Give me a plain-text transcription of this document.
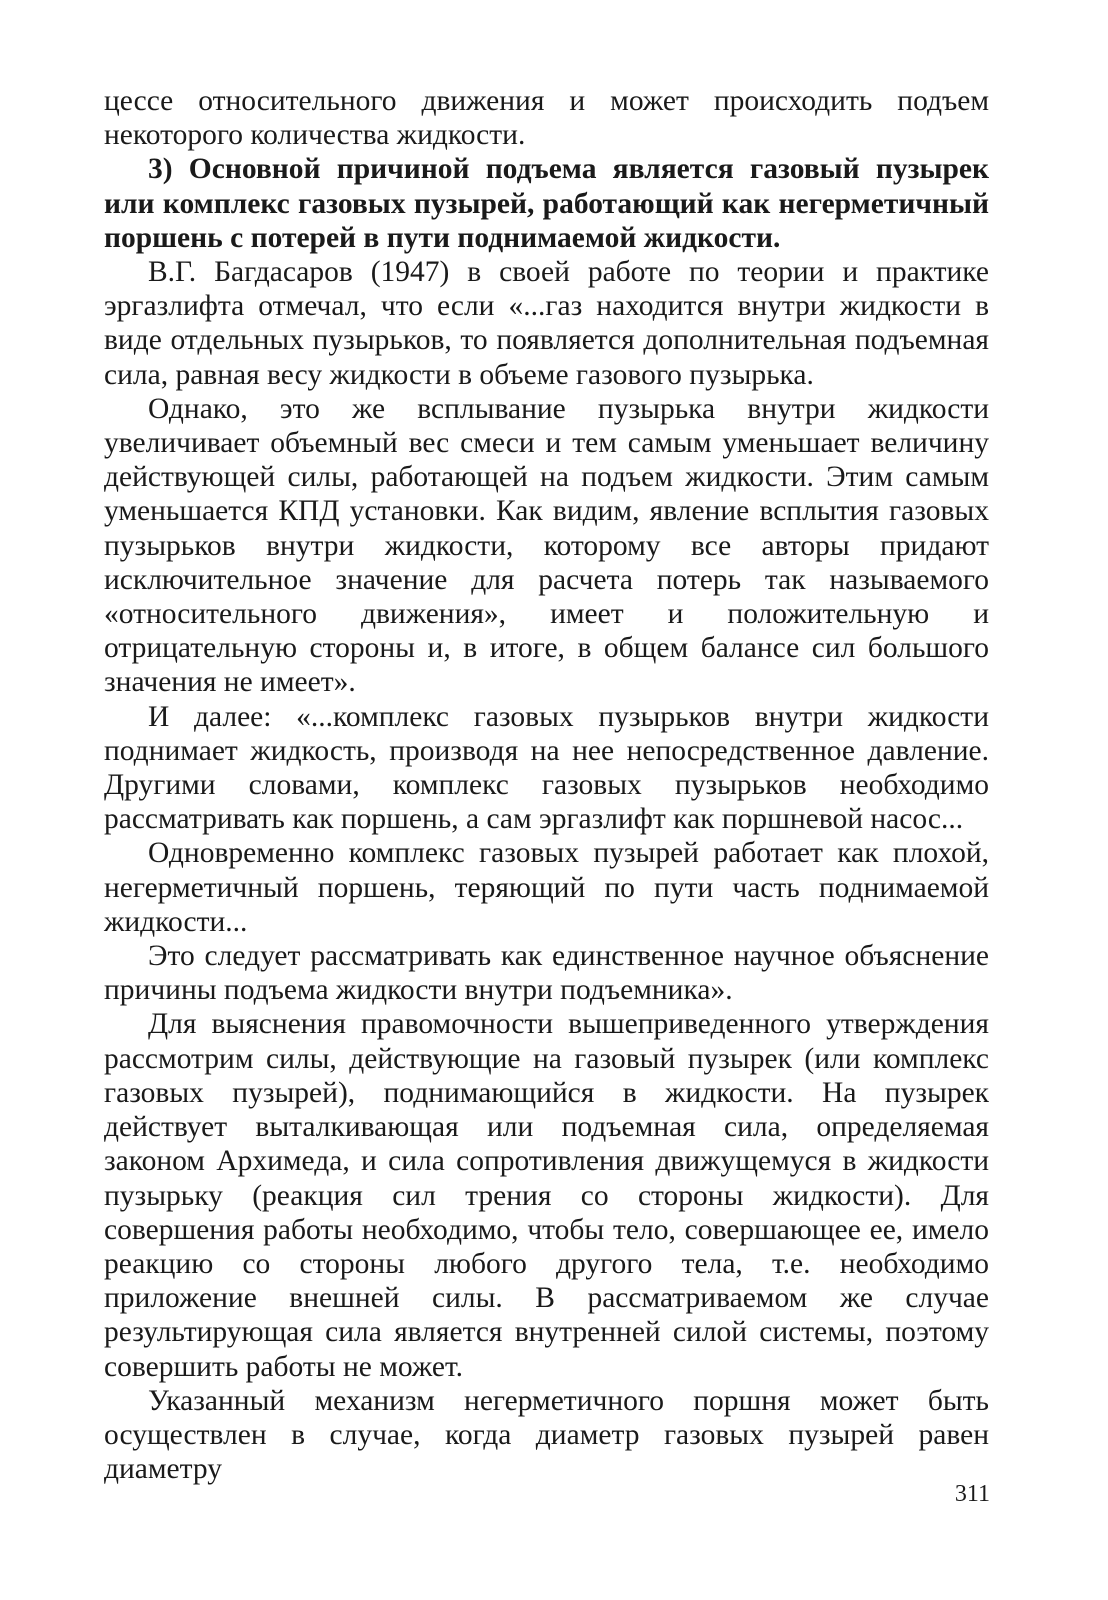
цессе относительного движения и может происходить подъем некоторого количества жидкости.

3) Основной причиной подъема является газовый пузырек или комплекс газовых пузырей, работающий как негерметичный поршень с потерей в пути поднимаемой жидкости.

В.Г. Багдасаров (1947) в своей работе по теории и практике эргазлифта отмечал, что если «...газ находится внутри жидкости в виде отдельных пузырьков, то появляется дополнительная подъемная сила, равная весу жидкости в объеме газового пузырька.

Однако, это же всплывание пузырька внутри жидкости увеличивает объемный вес смеси и тем самым уменьшает величину действующей силы, работающей на подъем жидкости. Этим самым уменьшается КПД установки. Как видим, явление всплытия газовых пузырьков внутри жидкости, которому все авторы придают исключительное значение для расчета потерь так называемого «относительного движения», имеет и положительную и отрицательную стороны и, в итоге, в общем балансе сил большого значения не имеет».

И далее: «...комплекс газовых пузырьков внутри жидкости поднимает жидкость, производя на нее непосредственное давление. Другими словами, комплекс газовых пузырьков необходимо рассматривать как поршень, а сам эргазлифт как поршневой насос...

Одновременно комплекс газовых пузырей работает как плохой, негерметичный поршень, теряющий по пути часть поднимаемой жидкости...

Это следует рассматривать как единственное научное объяснение причины подъема жидкости внутри подъемника».

Для выяснения правомочности вышеприведенного утверждения рассмотрим силы, действующие на газовый пузырек (или комплекс газовых пузырей), поднимающийся в жидкости. На пузырек действует выталкивающая или подъемная сила, определяемая законом Архимеда, и сила сопротивления движущемуся в жидкости пузырьку (реакция сил трения со стороны жидкости). Для совершения работы необходимо, чтобы тело, совершающее ее, имело реакцию со стороны любого другого тела, т.е. необходимо приложение внешней силы. В рассматриваемом же случае результирующая сила является внутренней силой системы, поэтому совершить работы не может.

Указанный механизм негерметичного поршня может быть осуществлен в случае, когда диаметр газовых пузырей равен диаметру

311
